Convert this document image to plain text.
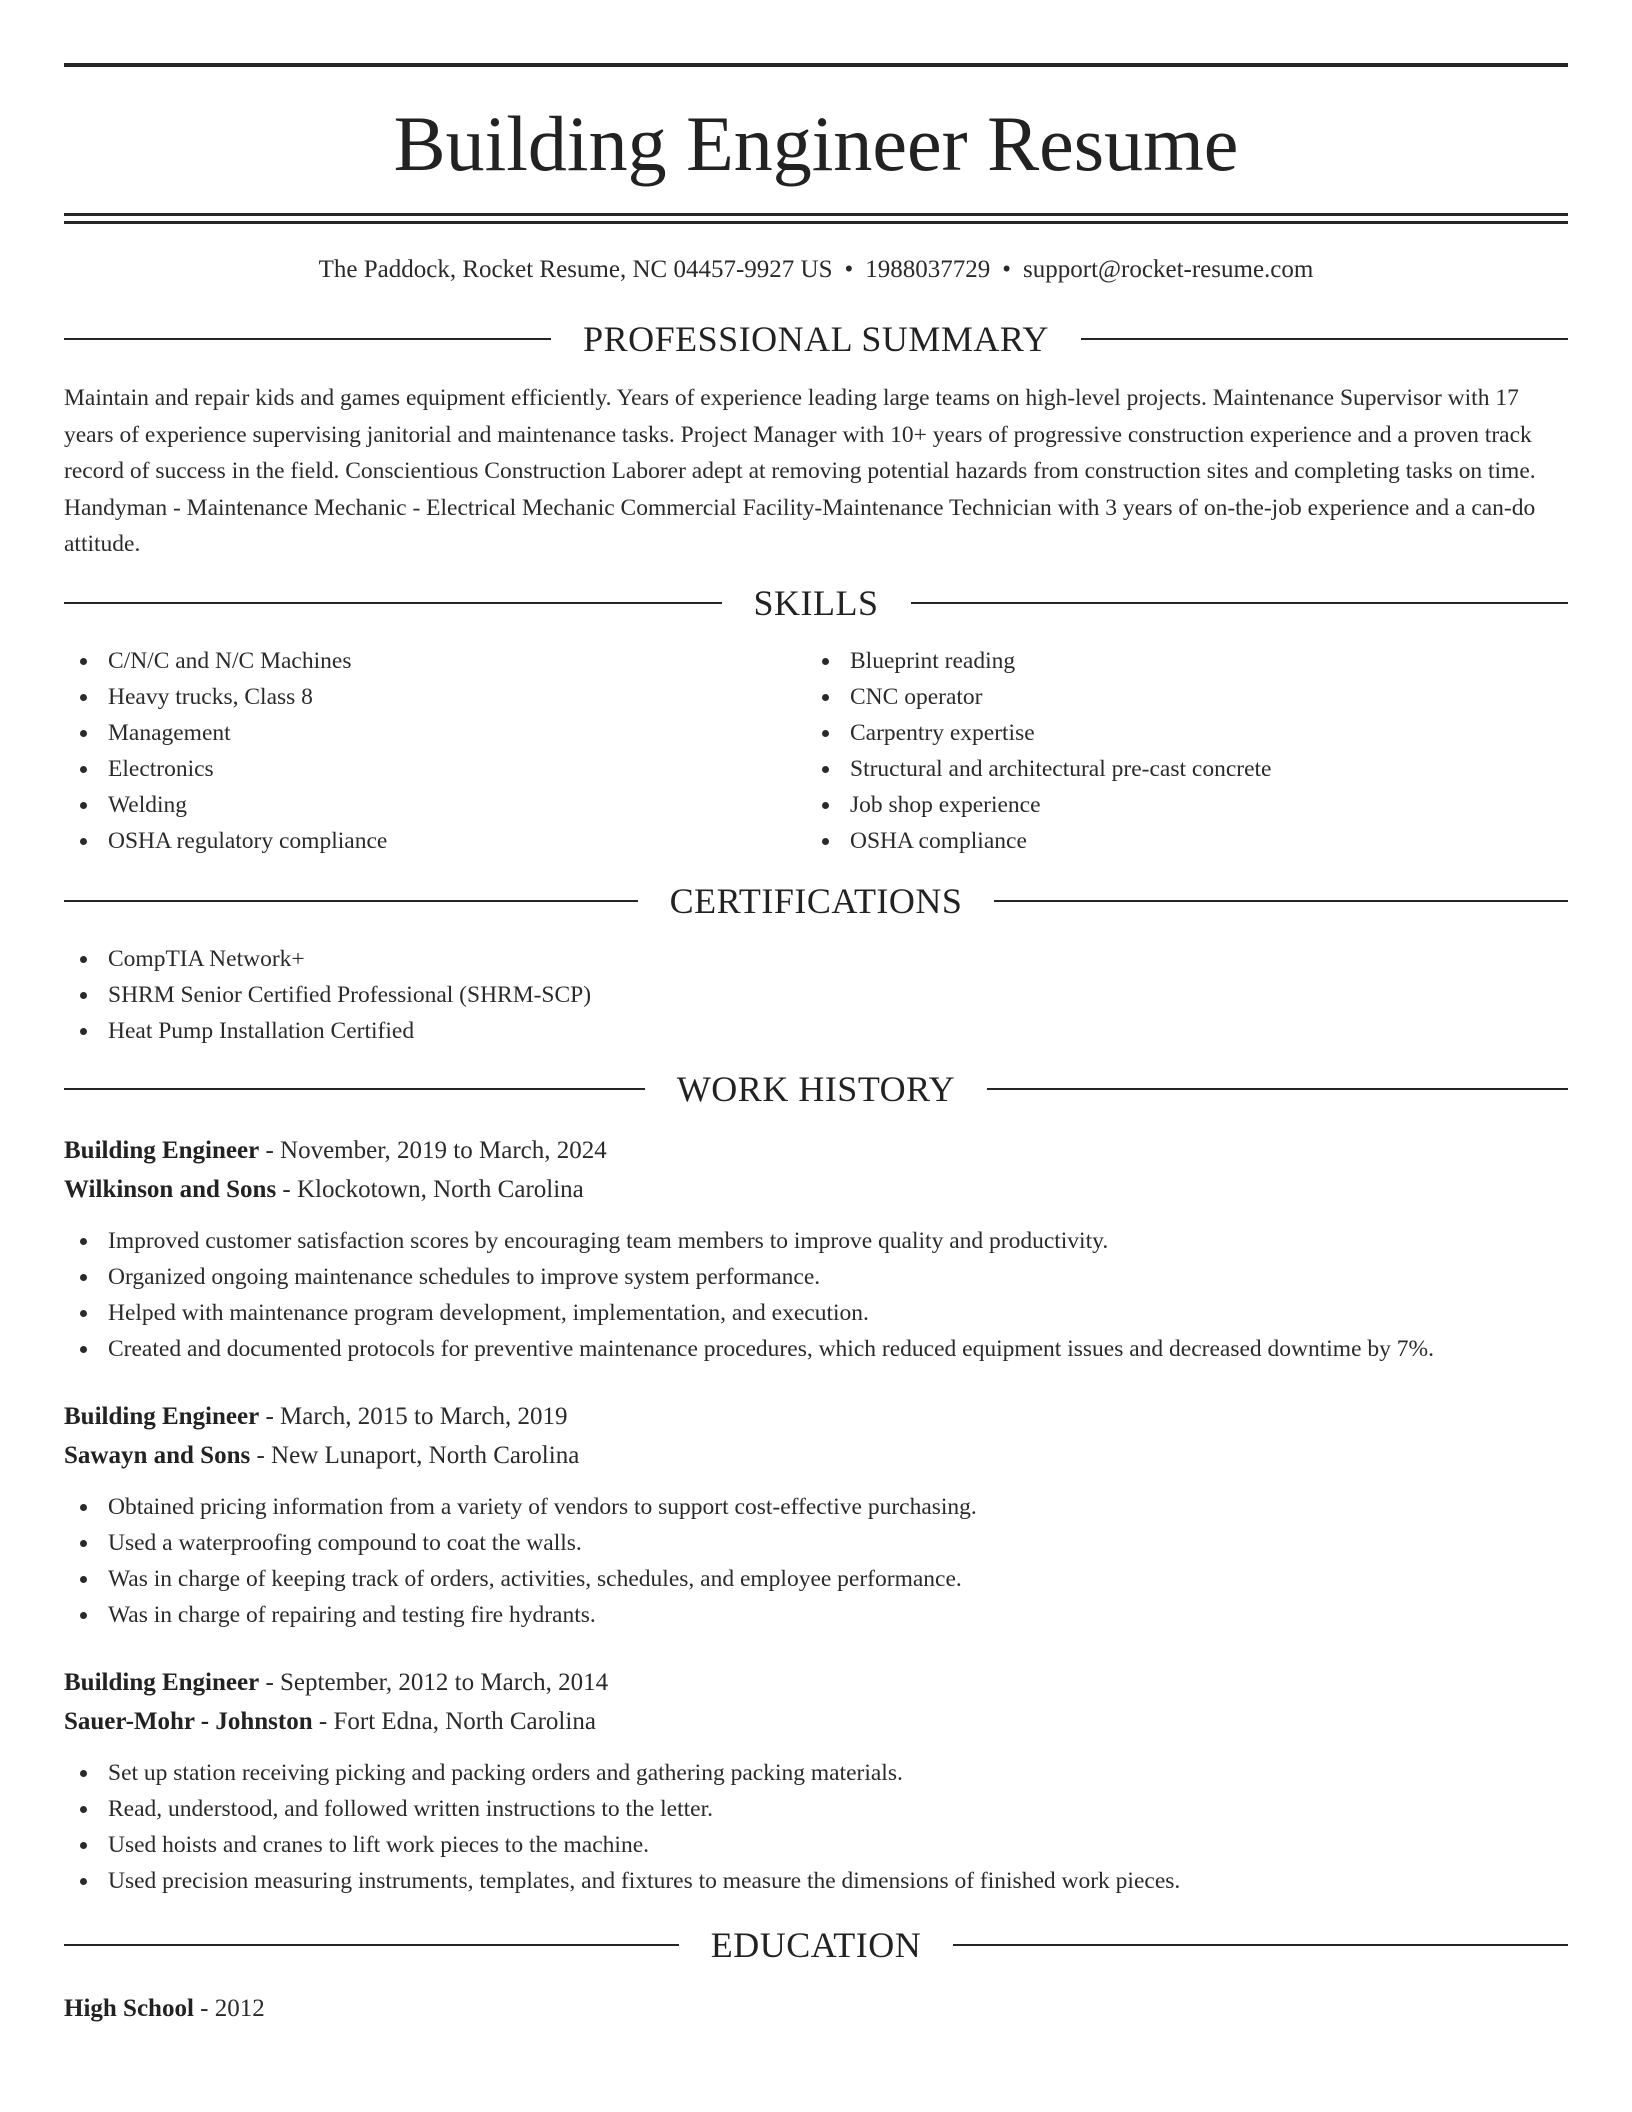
Building Engineer Resume
The Paddock, Rocket Resume, NC 04457-9927 US • 1988037729 • support@rocket-resume.com
PROFESSIONAL SUMMARY

Maintain and repair kids and games equipment efficiently. Years of experience leading large teams on high-level projects. Maintenance Supervisor with 17 years of experience supervising janitorial and maintenance tasks. Project Manager with 10+ years of progressive construction experience and a proven track record of success in the field. Conscientious Construction Laborer adept at removing potential hazards from construction sites and completing tasks on time. Handyman - Maintenance Mechanic - Electrical Mechanic Commercial Facility-Maintenance Technician with 3 years of on-the-job experience and a can-do attitude.

SKILLS
C/N/C and N/C Machines
Heavy trucks, Class 8
Management
Electronics
Welding
OSHA regulatory compliance
Blueprint reading
CNC operator
Carpentry expertise
Structural and architectural pre-cast concrete
Job shop experience
OSHA compliance
CERTIFICATIONS
CompTIA Network+
SHRM Senior Certified Professional (SHRM-SCP)
Heat Pump Installation Certified
WORK HISTORY
Building Engineer - November, 2019 to March, 2024
Wilkinson and Sons - Klockotown, North Carolina
Improved customer satisfaction scores by encouraging team members to improve quality and productivity.
Organized ongoing maintenance schedules to improve system performance.
Helped with maintenance program development, implementation, and execution.
Created and documented protocols for preventive maintenance procedures, which reduced equipment issues and decreased downtime by 7%.
Building Engineer - March, 2015 to March, 2019
Sawayn and Sons - New Lunaport, North Carolina
Obtained pricing information from a variety of vendors to support cost-effective purchasing.
Used a waterproofing compound to coat the walls.
Was in charge of keeping track of orders, activities, schedules, and employee performance.
Was in charge of repairing and testing fire hydrants.
Building Engineer - September, 2012 to March, 2014
Sauer-Mohr - Johnston - Fort Edna, North Carolina
Set up station receiving picking and packing orders and gathering packing materials.
Read, understood, and followed written instructions to the letter.
Used hoists and cranes to lift work pieces to the machine.
Used precision measuring instruments, templates, and fixtures to measure the dimensions of finished work pieces.
EDUCATION
High School - 2012
